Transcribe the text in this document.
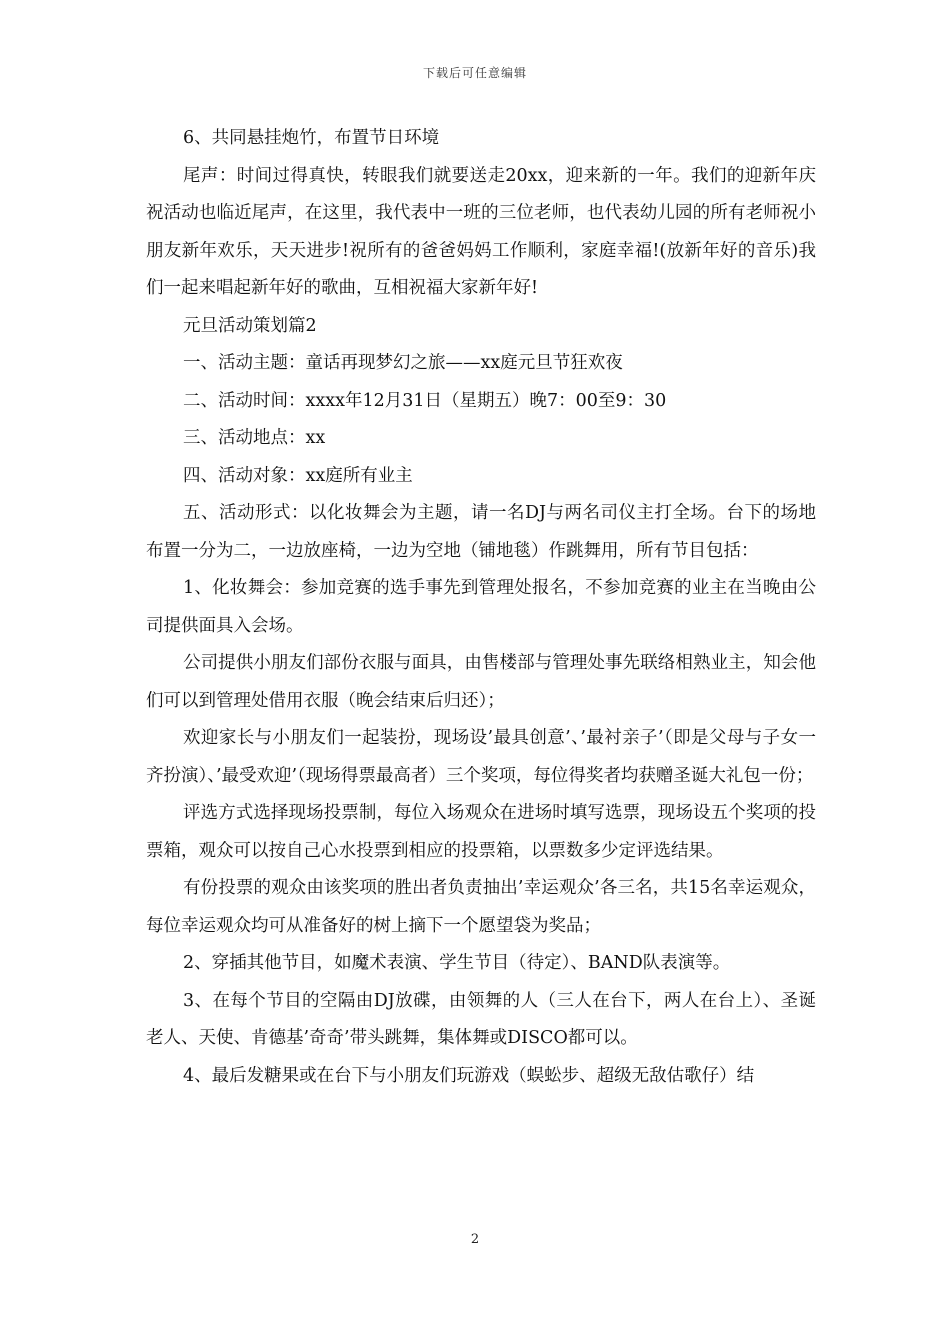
下载后可任意编辑

6、共同悬挂炮竹，布置节日环境

尾声：时间过得真快，转眼我们就要送走20xx，迎来新的一年。我们的迎新年庆祝活动也临近尾声，在这里，我代表中一班的三位老师，也代表幼儿园的所有老师祝小朋友新年欢乐，天天进步!祝所有的爸爸妈妈工作顺利，家庭幸福!(放新年好的音乐)我们一起来唱起新年好的歌曲，互相祝福大家新年好!

元旦活动策划篇2

一、活动主题：童话再现梦幻之旅——xx庭元旦节狂欢夜

二、活动时间：xxxx年12月31日（星期五）晚7：00至9：30

三、活动地点：xx

四、活动对象：xx庭所有业主

五、活动形式：以化妆舞会为主题，请一名DJ与两名司仪主打全场。台下的场地布置一分为二，一边放座椅，一边为空地（铺地毯）作跳舞用，所有节目包括：

1、化妆舞会：参加竞赛的选手事先到管理处报名，不参加竞赛的业主在当晚由公司提供面具入会场。

公司提供小朋友们部份衣服与面具，由售楼部与管理处事先联络相熟业主，知会他们可以到管理处借用衣服（晚会结束后归还）；

欢迎家长与小朋友们一起装扮，现场设’最具创意’、’最衬亲子’（即是父母与子女一齐扮演）、’最受欢迎’（现场得票最高者）三个奖项，每位得奖者均获赠圣诞大礼包一份；

评选方式选择现场投票制，每位入场观众在进场时填写选票，现场设五个奖项的投票箱，观众可以按自己心水投票到相应的投票箱，以票数多少定评选结果。

有份投票的观众由该奖项的胜出者负责抽出’幸运观众’各三名，共15名幸运观众，每位幸运观众均可从准备好的树上摘下一个愿望袋为奖品；

2、穿插其他节目，如魔术表演、学生节目（待定）、BAND队表演等。

3、在每个节目的空隔由DJ放碟，由领舞的人（三人在台下，两人在台上）、圣诞老人、天使、肯德基’奇奇’带头跳舞，集体舞或DISCO都可以。

4、最后发糖果或在台下与小朋友们玩游戏（蜈蚣步、超级无敌估歌仔）结

2
